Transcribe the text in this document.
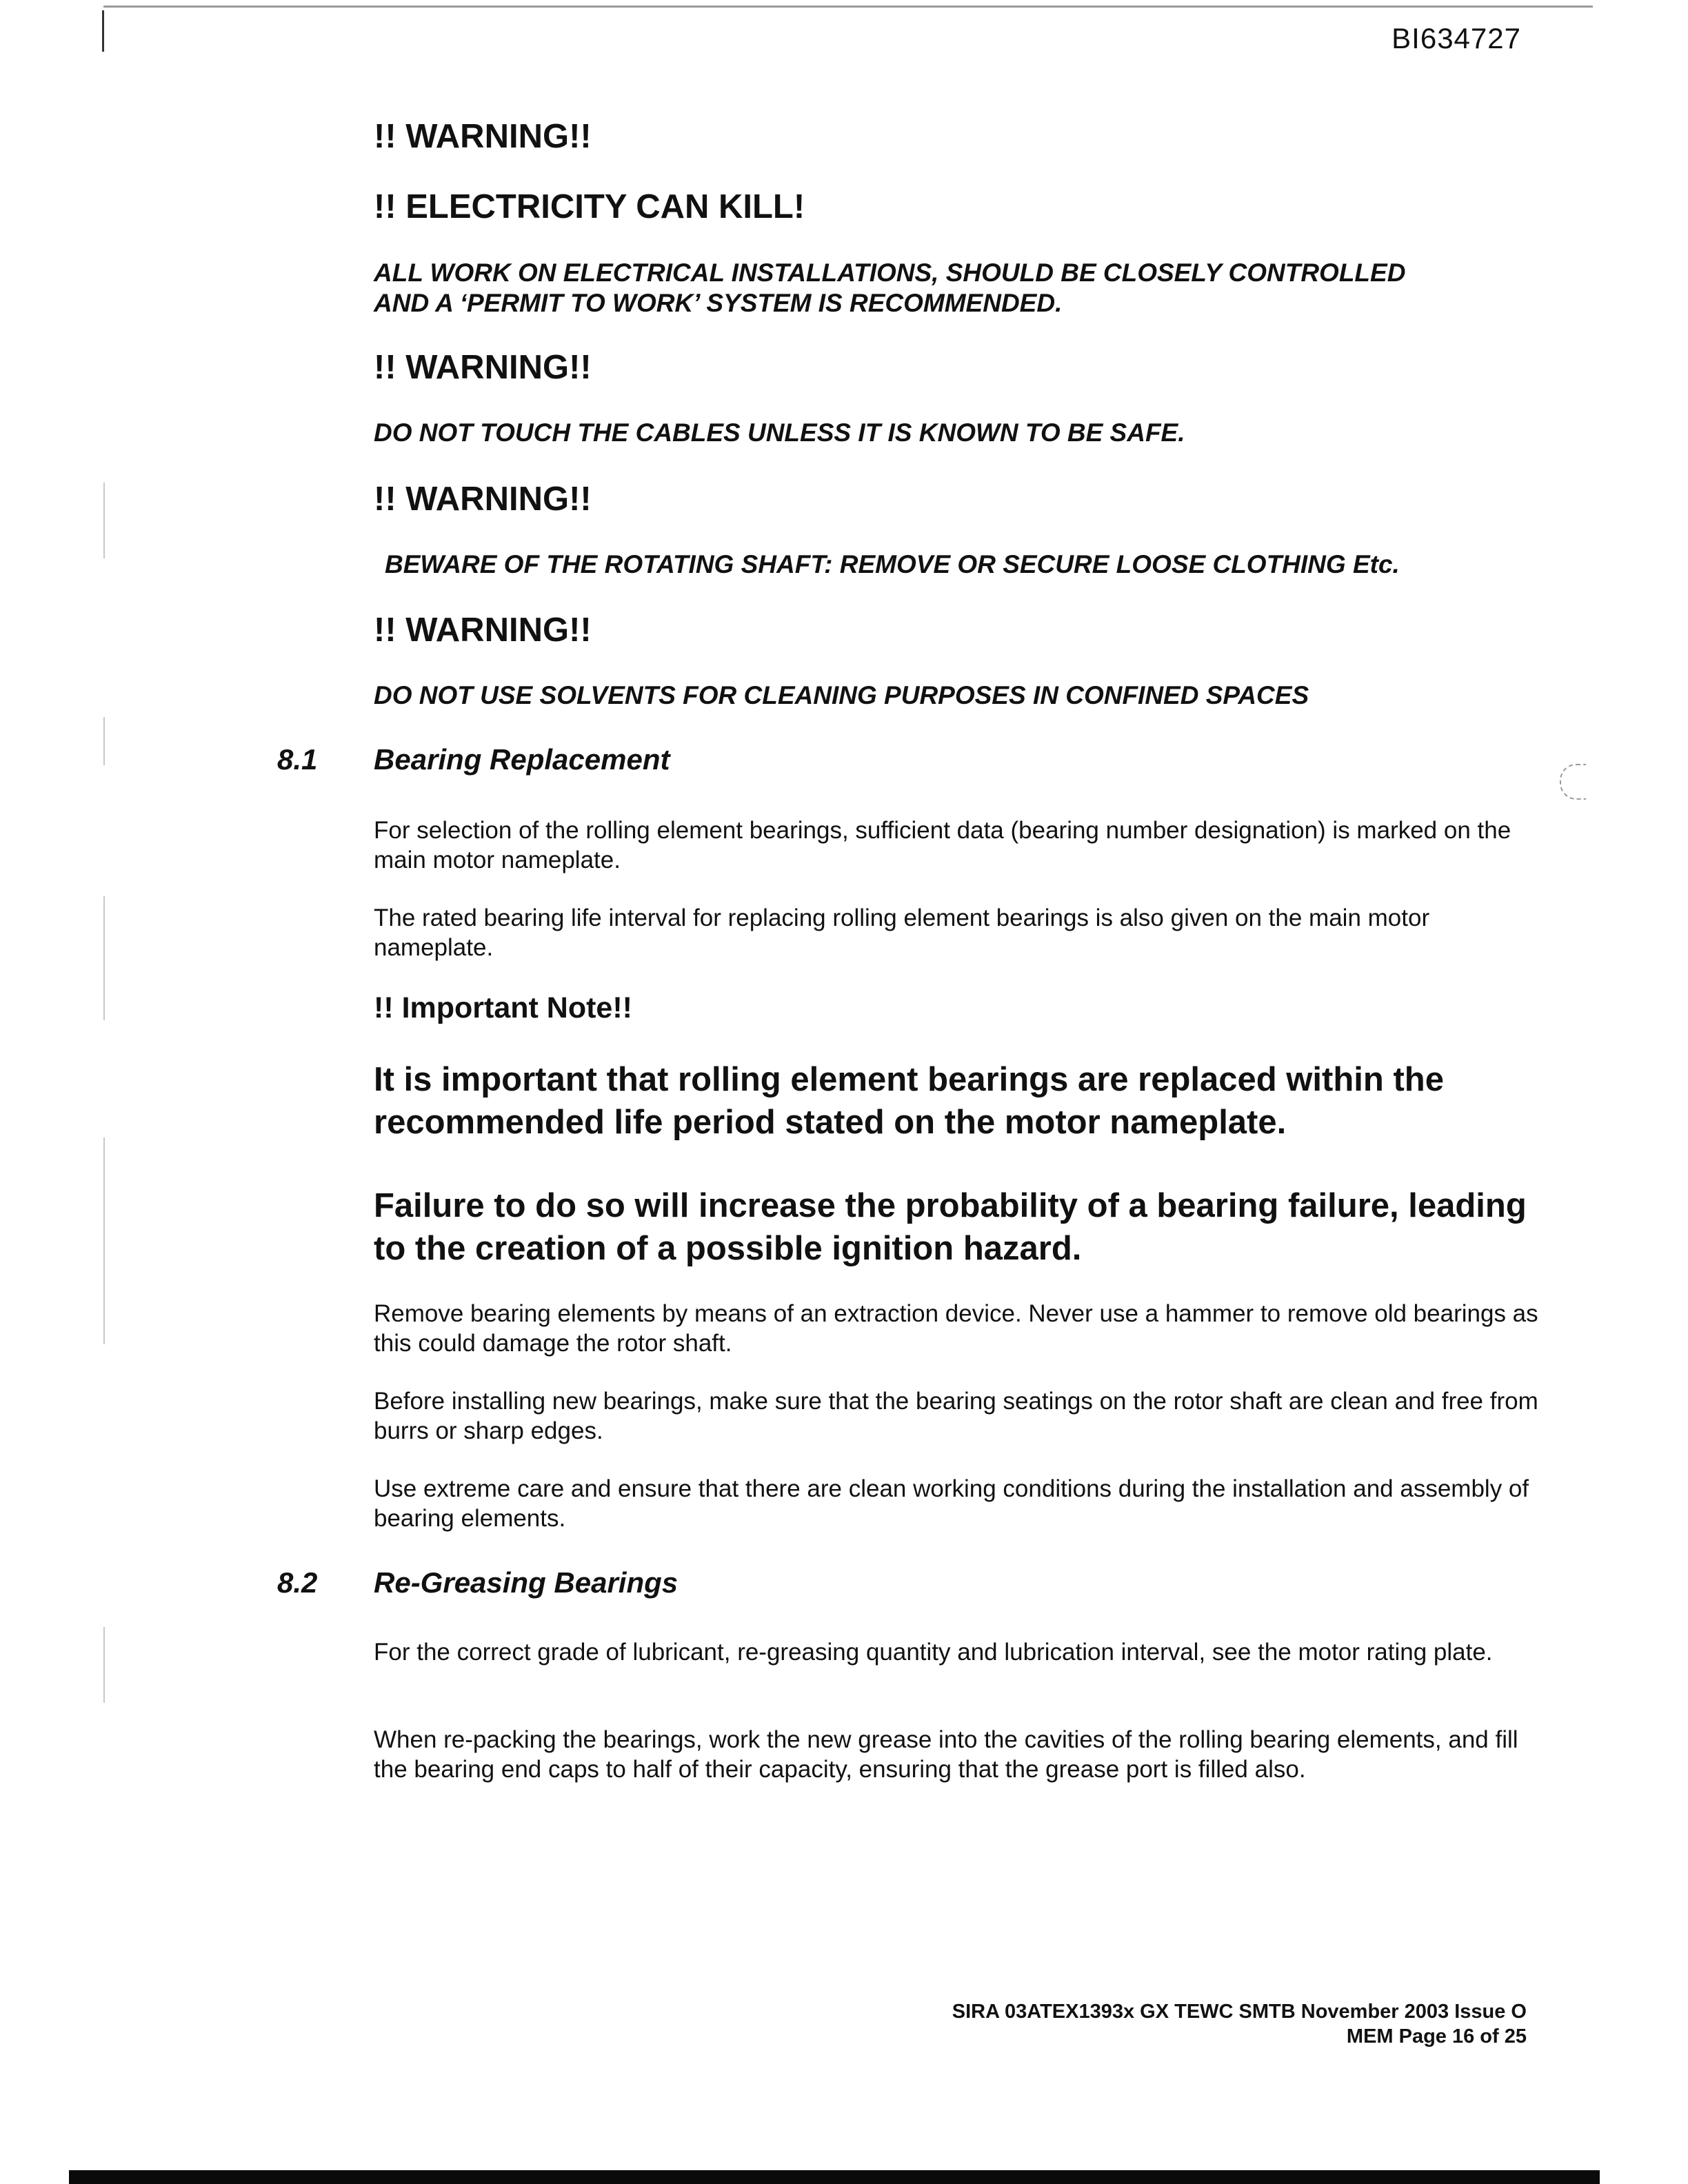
BI634727
!! WARNING!!
!! ELECTRICITY CAN KILL!
ALL WORK ON ELECTRICAL INSTALLATIONS, SHOULD BE CLOSELY CONTROLLED AND A ‘PERMIT TO WORK’ SYSTEM IS RECOMMENDED.
!! WARNING!!
DO NOT TOUCH THE CABLES UNLESS IT IS KNOWN TO BE SAFE.
!! WARNING!!
BEWARE OF THE ROTATING SHAFT: REMOVE OR SECURE LOOSE CLOTHING Etc.
!! WARNING!!
DO NOT USE SOLVENTS FOR CLEANING PURPOSES IN CONFINED SPACES
8.1 Bearing Replacement
For selection of the rolling element bearings, sufficient data (bearing number designation) is marked on the main motor nameplate.
The rated bearing life interval for replacing rolling element bearings is also given on the main motor nameplate.
!! Important Note!!
It is important that rolling element bearings are replaced within the recommended life period stated on the motor nameplate.
Failure to do so will increase the probability of a bearing failure, leading to the creation of a possible ignition hazard.
Remove bearing elements by means of an extraction device. Never use a hammer to remove old bearings as this could damage the rotor shaft.
Before installing new bearings, make sure that the bearing seatings on the rotor shaft are clean and free from burrs or sharp edges.
Use extreme care and ensure that there are clean working conditions during the installation and assembly of bearing elements.
8.2 Re-Greasing Bearings
For the correct grade of lubricant, re-greasing quantity and lubrication interval, see the motor rating plate.
When re-packing the bearings, work the new grease into the cavities of the rolling bearing elements, and fill the bearing end caps to half of their capacity, ensuring that the grease port is filled also.
SIRA 03ATEX1393x GX TEWC SMTB November 2003 Issue O
MEM Page 16 of 25
